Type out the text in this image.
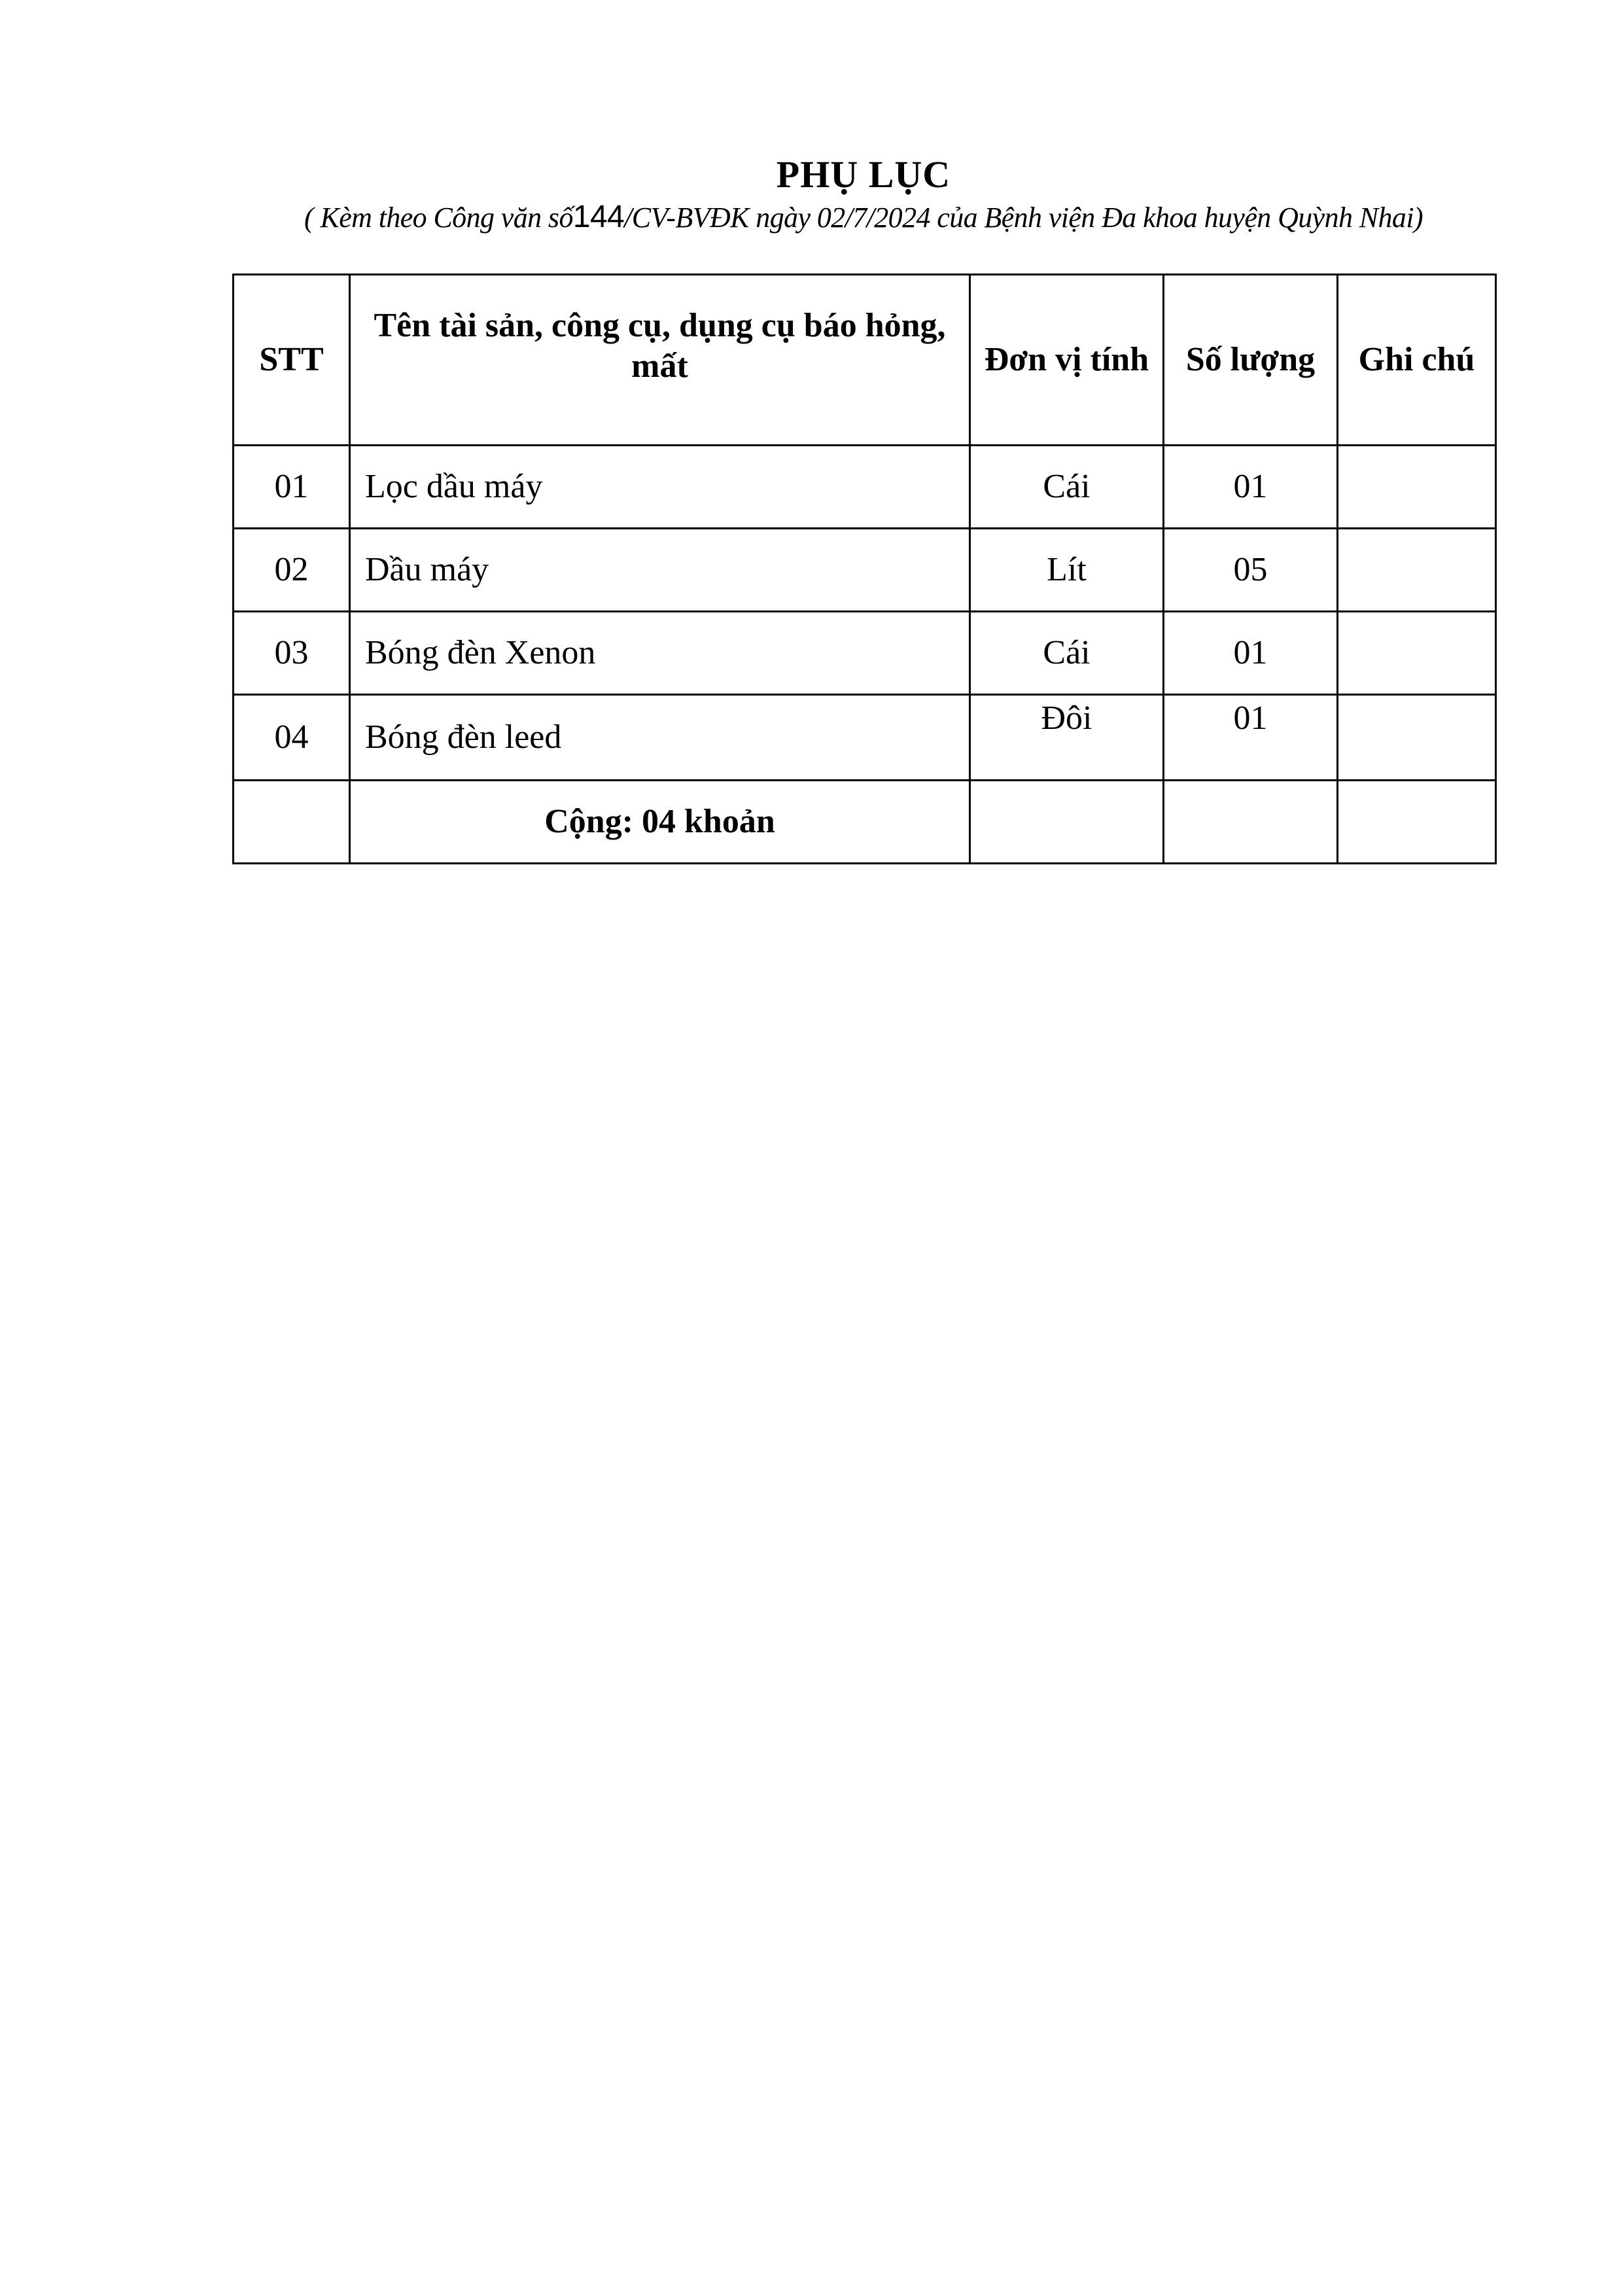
PHỤ LỤC
( Kèm theo Công văn số144/CV-BVĐK ngày 02/7/2024 của Bệnh viện Đa khoa huyện Quỳnh Nhai)
STT	Tên tài sản, công cụ, dụng cụ báo hỏng, mất	Đơn vị tính	Số lượng	Ghi chú
01	Lọc dầu máy	Cái	01	
02	Dầu máy	Lít	05	
03	Bóng đèn Xenon	Cái	01	
04	Bóng đèn leed	Đôi	01	
	Cộng: 04 khoản			
